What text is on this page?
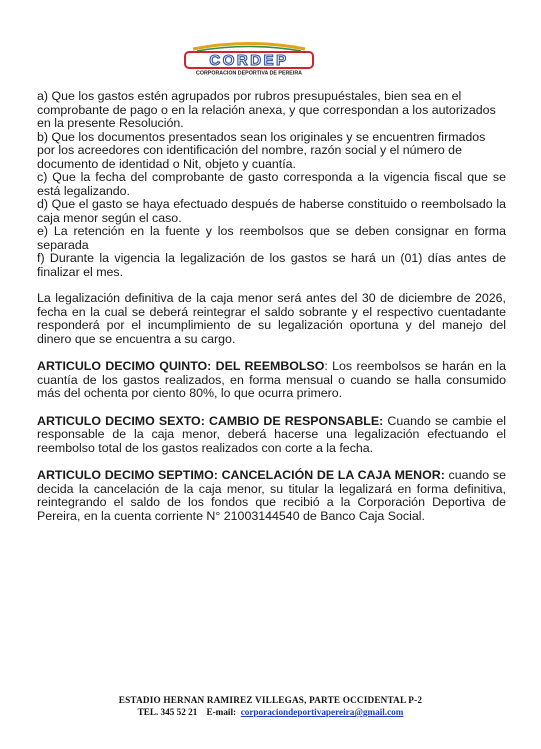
CORDEP
CORPORACION DEPORTIVA DE PEREIRA

a) Que los gastos estén agrupados por rubros presupuéstales, bien sea en el comprobante de pago o en la relación anexa, y que correspondan a los autorizados en la presente Resolución.

b) Que los documentos presentados sean los originales y se encuentren firmados por los acreedores con identificación del nombre, razón social y el número de documento de identidad o Nit, objeto y cuantía.

c) Que la fecha del comprobante de gasto corresponda a la vigencia fiscal que se está legalizando.

d) Que el gasto se haya efectuado después de haberse constituido o reembolsado la caja menor según el caso.

e) La retención en la fuente y los reembolsos que se deben consignar en forma separada

f) Durante la vigencia la legalización de los gastos se hará un (01) días antes de finalizar el mes.

La legalización definitiva de la caja menor será antes del 30 de diciembre de 2026, fecha en la cual se deberá reintegrar el saldo sobrante y el respectivo cuentadante responderá por el incumplimiento de su legalización oportuna y del manejo del dinero que se encuentra a su cargo.

ARTICULO DECIMO QUINTO: DEL REEMBOLSO: Los reembolsos se harán en la cuantía de los gastos realizados, en forma mensual o cuando se halla consumido más del ochenta por ciento 80%, lo que ocurra primero.

ARTICULO DECIMO SEXTO: CAMBIO DE RESPONSABLE: Cuando se cambie el responsable de la caja menor, deberá hacerse una legalización efectuando el reembolso total de los gastos realizados con corte a la fecha.

ARTICULO DECIMO SEPTIMO: CANCELACIÓN DE LA CAJA MENOR: cuando se decida la cancelación de la caja menor, su titular la legalizará en forma definitiva, reintegrando el saldo de los fondos que recibió a la Corporación Deportiva de Pereira, en la cuenta corriente N° 21003144540 de Banco Caja Social.

ESTADIO HERNAN RAMIREZ VILLEGAS, PARTE OCCIDENTAL P-2
TEL. 345 52 21 E-mail: corporaciondeportivapereira@gmail.com
